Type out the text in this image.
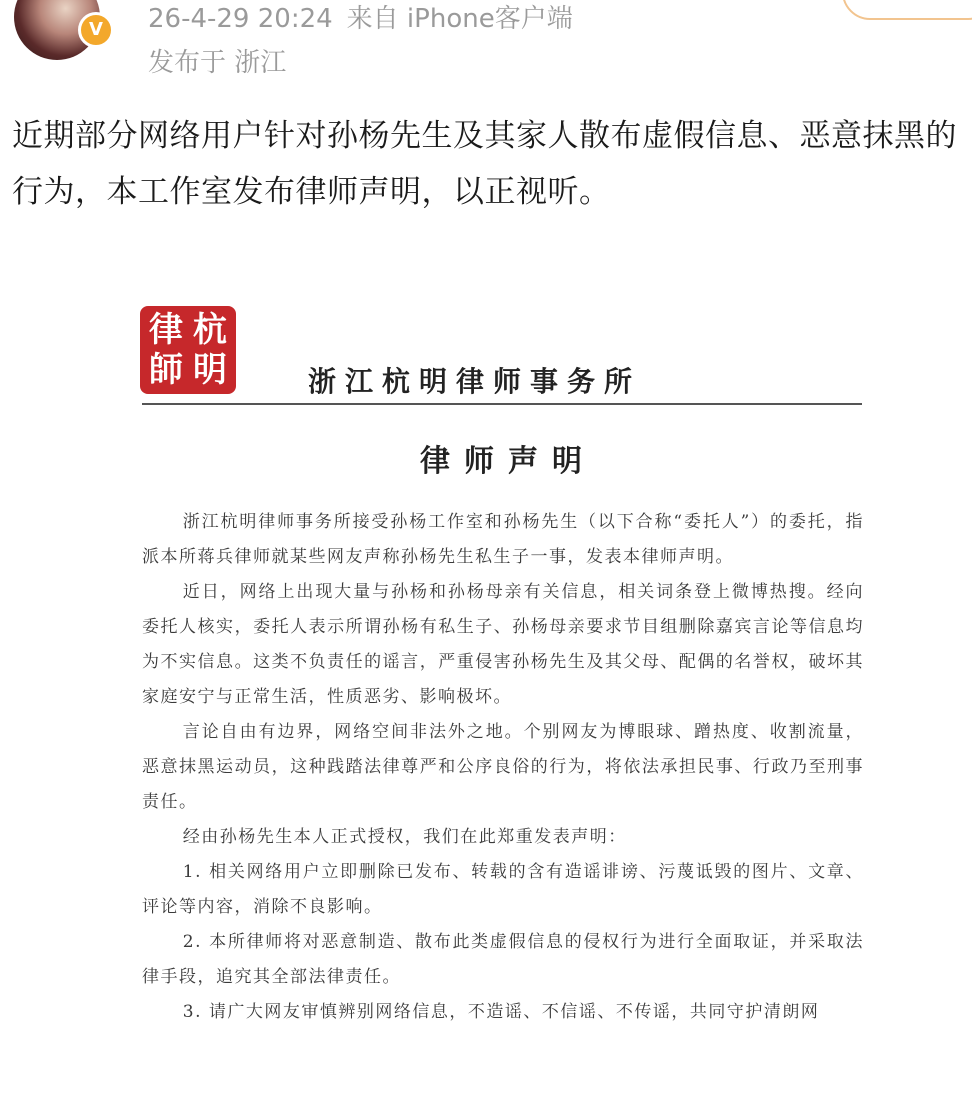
V	26-4-29 20:24 来自 iPhone客户端
发布于 浙江

近期部分网络用户针对孙杨先生及其家人散布虚假信息、恶意抹黑的行为，本工作室发布律师声明，以正视听。

律 杭
師 明	浙江杭明律师事务所
律师声明

浙江杭明律师事务所接受孙杨工作室和孙杨先生（以下合称“委托人”）的委托，指派本所蒋兵律师就某些网友声称孙杨先生私生子一事，发表本律师声明。

近日，网络上出现大量与孙杨和孙杨母亲有关信息，相关词条登上微博热搜。经向委托人核实，委托人表示所谓孙杨有私生子、孙杨母亲要求节目组删除嘉宾言论等信息均为不实信息。这类不负责任的谣言，严重侵害孙杨先生及其父母、配偶的名誉权，破坏其家庭安宁与正常生活，性质恶劣、影响极坏。

言论自由有边界，网络空间非法外之地。个别网友为博眼球、蹭热度、收割流量，恶意抹黑运动员，这种践踏法律尊严和公序良俗的行为，将依法承担民事、行政乃至刑事责任。

经由孙杨先生本人正式授权，我们在此郑重发表声明：

1. 相关网络用户立即删除已发布、转载的含有造谣诽谤、污蔑诋毁的图片、文章、评论等内容，消除不良影响。

2. 本所律师将对恶意制造、散布此类虚假信息的侵权行为进行全面取证，并采取法律手段，追究其全部法律责任。

3. 请广大网友审慎辨别网络信息，不造谣、不信谣、不传谣，共同守护清朗网
